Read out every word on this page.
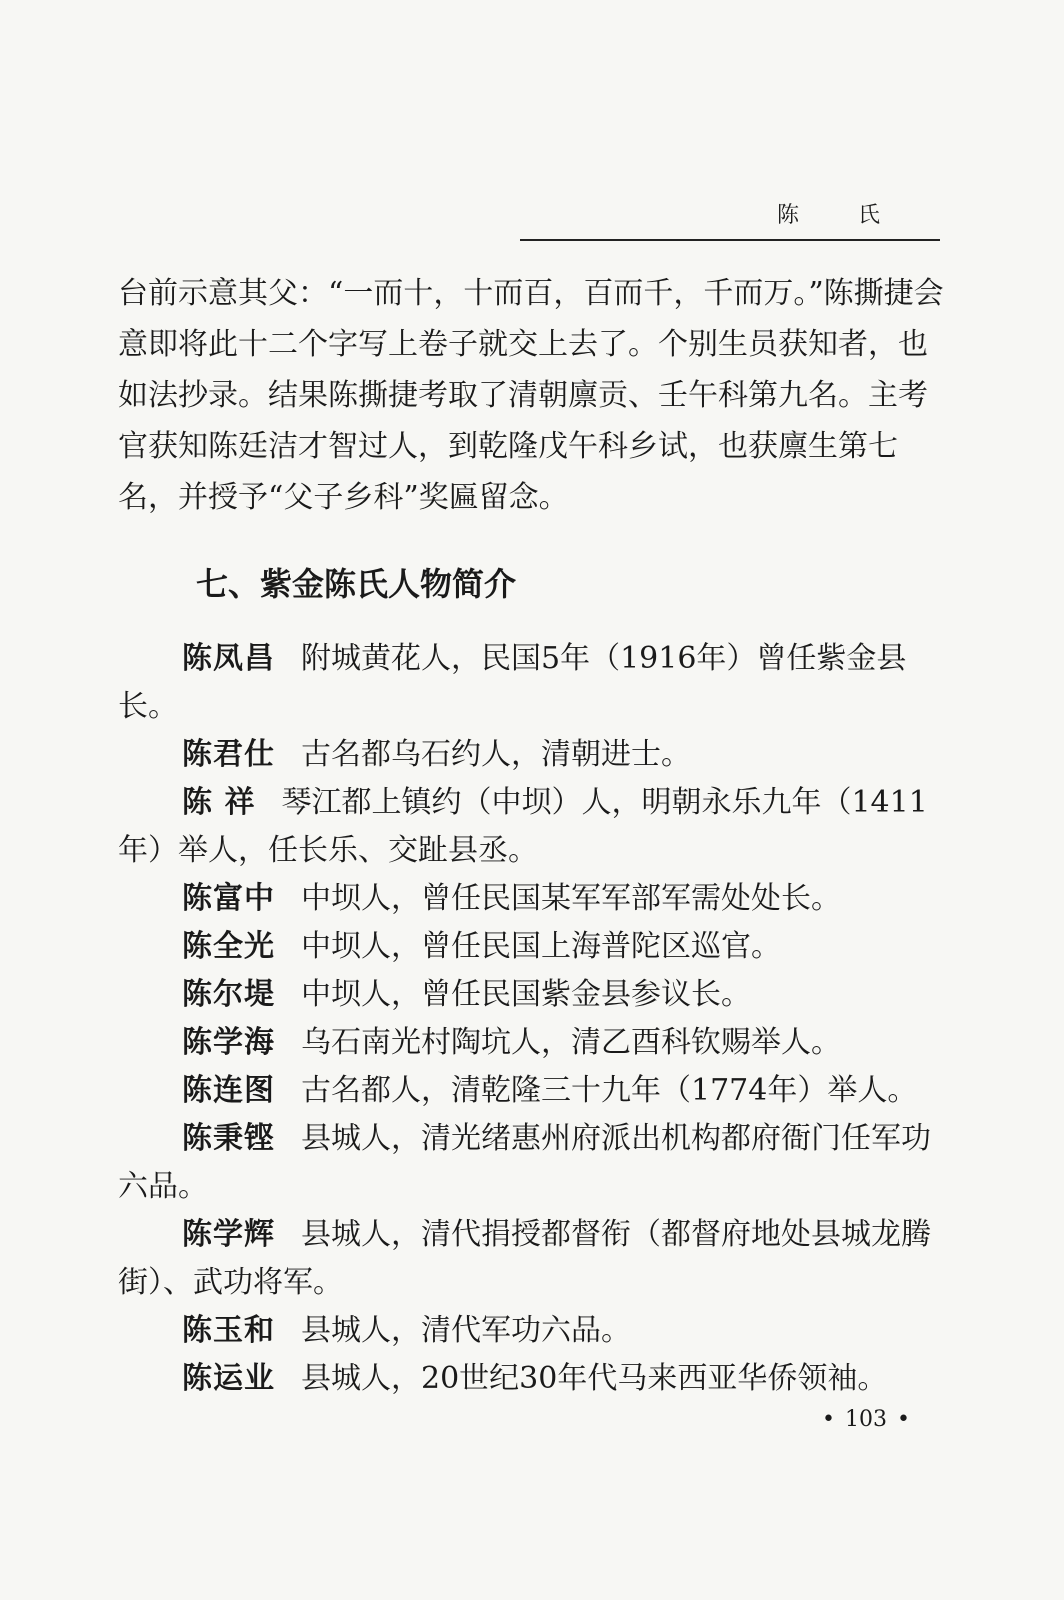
陈 氏

台前示意其父：“一而十，十而百，百而千，千而万。”陈撕捷会意即将此十二个字写上卷子就交上去了。个别生员获知者，也如法抄录。结果陈撕捷考取了清朝廪贡、壬午科第九名。主考官获知陈廷洁才智过人，到乾隆戊午科乡试，也获廪生第七名，并授予“父子乡科”奖匾留念。

七、紫金陈氏人物简介
陈凤昌 附城黄花人，民国5年（1916年）曾任紫金县长。
陈君仕 古名都乌石约人，清朝进士。
陈 祥 琴江都上镇约（中坝）人，明朝永乐九年（1411年）举人，任长乐、交趾县丞。
陈富中 中坝人，曾任民国某军军部军需处处长。
陈全光 中坝人，曾任民国上海普陀区巡官。
陈尔堤 中坝人，曾任民国紫金县参议长。
陈学海 乌石南光村陶坑人，清乙酉科钦赐举人。
陈连图 古名都人，清乾隆三十九年（1774年）举人。
陈秉铿 县城人，清光绪惠州府派出机构都府衙门任军功六品。
陈学辉 县城人，清代捐授都督衔（都督府地处县城龙腾街）、武功将军。
陈玉和 县城人，清代军功六品。
陈运业 县城人，20世纪30年代马来西亚华侨领袖。
• 103 •
